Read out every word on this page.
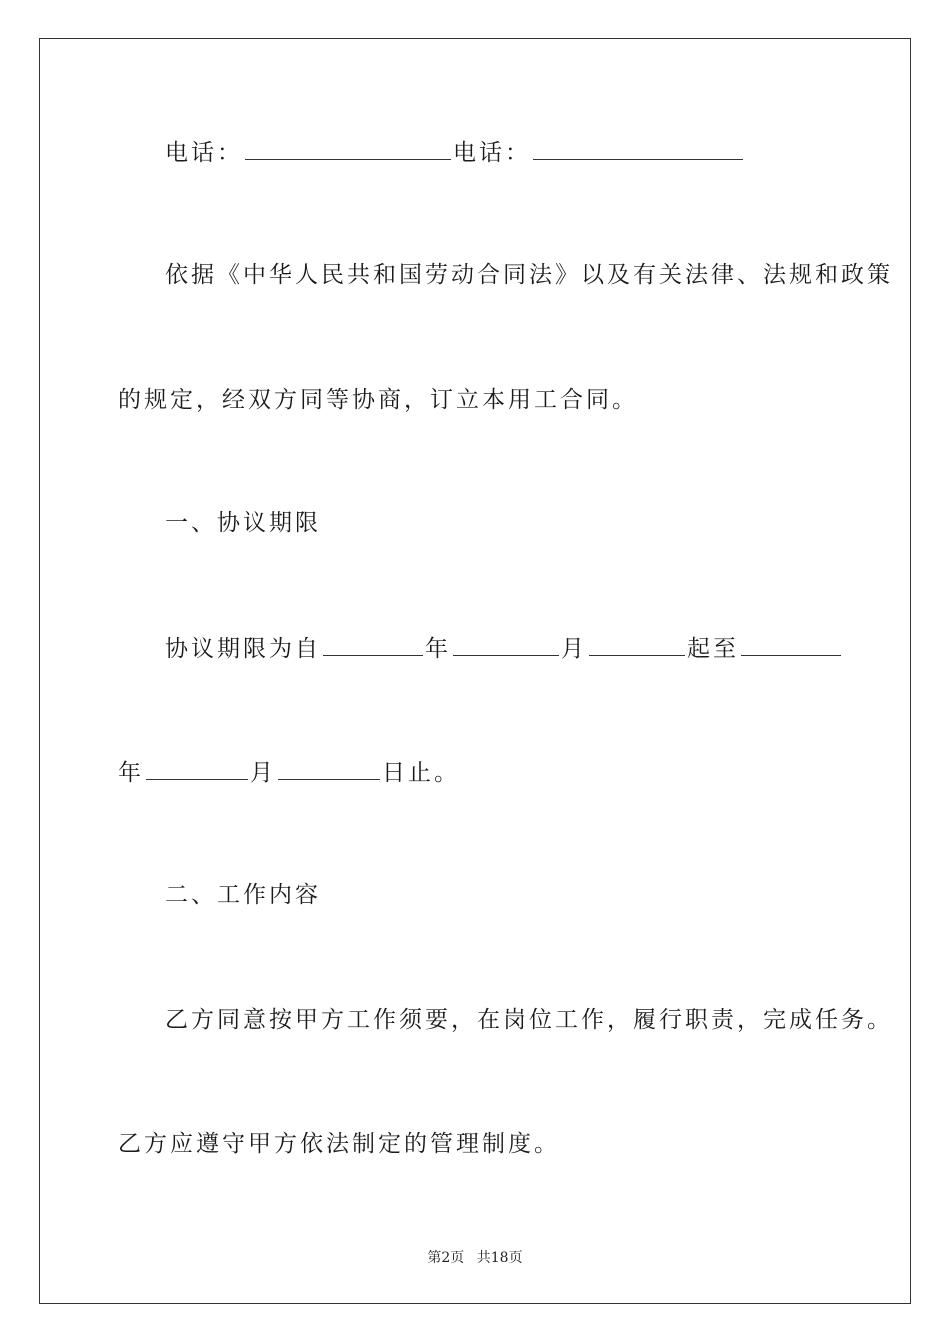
电话：	电话：
依据《中华人民共和国劳动合同法》以及有关法律、法规和政策
的规定，经双方同等协商，订立本用工合同。
一、协议期限
协议期限为自	年	月	起至
年	月	日止。
二、工作内容
乙方同意按甲方工作须要，在岗位工作，履行职责，完成任务。
乙方应遵守甲方依法制定的管理制度。
第2页 共18页
